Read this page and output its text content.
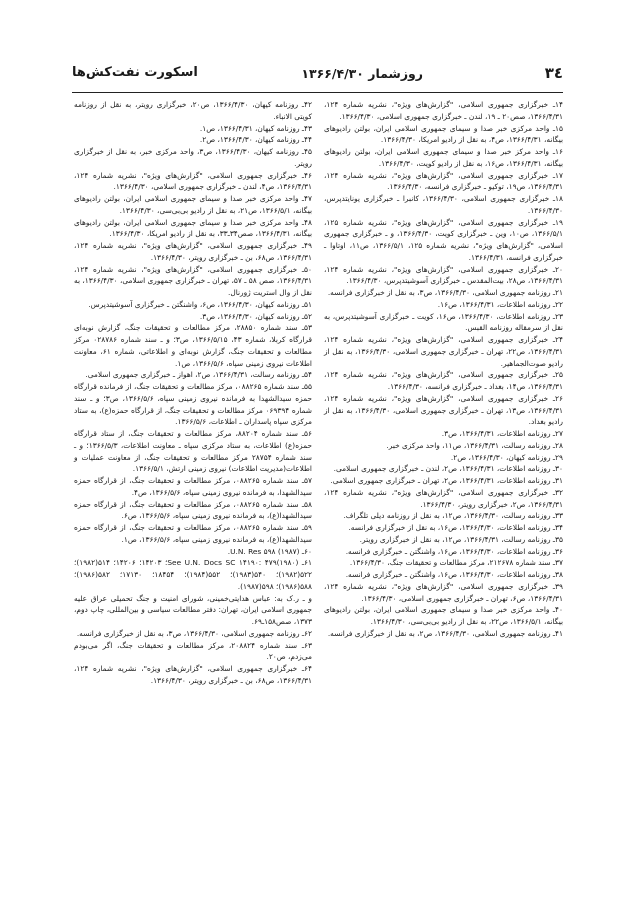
٣٤
روزشمار ۱۳۶۶/۴/۳۰
اسکورت نفت‌کش‌ها

۱۴ـ خبرگزاری جمهوری اسلامی، "گزارش‌های ویژه"، نشریه شماره ۱۲۴، ۱۳۶۶/۴/۳۱، صص۲۰ ـ ۱۹، لندن ـ خبرگزاری جمهوری اسلامی، ۱۳۶۶/۴/۳۰.

۱۵ـ واحد مرکزی خبر صدا و سیمای جمهوری اسلامی ایران، بولتن رادیوهای بیگانه، ۱۳۶۶/۴/۳۱، ص۴، به نقل از رادیو امریکا، ۱۳۶۶/۴/۳۰.

۱۶ـ واحد مرکز خبر صدا و سیمای جمهوری اسلامی ایران، بولتن رادیوهای بیگانه، ۱۳۶۶/۴/۳۱، ص۱۶، به نقل از رادیو کویت، ۱۳۶۶/۴/۳۰.

۱۷ـ خبرگزاری جمهوری اسلامی، "گزارش‌های ویژه"، نشریه شماره ۱۲۴، ۱۳۶۶/۴/۳۱، ص۱۹، توکیو ـ خبرگزاری فرانسه، ۱۳۶۶/۴/۳۰.

۱۸ـ خبرگزاری جمهوری اسلامی، ۱۳۶۶/۴/۳۰، کانبرا ـ خبرگزاری یونایتدپرس، ۱۳۶۶/۴/۳۰.

۱۹ـ خبرگزاری جمهوری اسلامی، "گزارش‌های ویژه"، نشریه شماره ۱۲۵، ۱۳۶۶/۵/۱، ص۱۰، وین ـ خبرگزاری کویت، ۱۳۶۶/۴/۳۰، و ـ خبرگزاری جمهوری اسلامی، "گزارش‌های ویژه"، نشریه شماره ۱۲۵، ۱۳۶۶/۵/۱، ص۱۱، اوتاوا ـ خبرگزاری فرانسه، ۱۳۶۶/۴/۳۱.

۲۰ـ خبرگزاری جمهوری اسلامی، "گزارش‌های ویژه"، نشریه شماره ۱۲۴، ۱۳۶۶/۴/۳۱، ص۲۸، بیت‌المقدس ـ خبرگزاری آسوشیتدپرس، ۱۳۶۶/۴/۳۰.

۲۱ـ روزنامه جمهوری اسلامی، ۱۳۶۶/۴/۳۰، ص۳، به نقل از خبرگزاری فرانسه.

۲۲ـ روزنامه اطلاعات، ۱۳۶۶/۴/۳۱، ص۱۶.

۲۳ـ روزنامه اطلاعات، ۱۳۶۶/۴/۳۰، ص۱۶، کویت ـ خبرگزاری آسوشیتدپرس، به نقل از سرمقاله روزنامه القبس.

۲۴ـ خبرگزاری جمهوری اسلامی، "گزارش‌های ویژه"، نشریه شماره ۱۲۴، ۱۳۶۶/۴/۳۱، ص۲۲، تهران ـ خبرگزاری جمهوری اسلامی، ۱۳۶۶/۴/۳۰، به نقل از رادیو صوت‌الجماهیر.

۲۵ـ خبرگزاری جمهوری اسلامی، "گزارش‌های ویژه"، نشریه شماره ۱۲۴، ۱۳۶۶/۴/۳۱، ص۱۴، بغداد ـ خبرگزاری فرانسه، ۱۳۶۶/۴/۳۰.

۲۶ـ خبرگزاری جمهوری اسلامی، "گزارش‌های ویژه"، نشریه شماره ۱۲۴، ۱۳۶۶/۴/۳۱، ص۱۳، تهران ـ خبرگزاری جمهوری اسلامی، ۱۳۶۶/۴/۳۰، به نقل از رادیو بغداد.

۲۷ـ روزنامه اطلاعات، ۱۳۶۶/۴/۳۱، ص۳.

۲۸ـ روزنامه رسالت، ۱۳۶۶/۴/۳۱، ص۱۱، واحد مرکزی خبر.

۲۹ـ روزنامه کیهان، ۱۳۶۶/۴/۳۰، ص۲.

۳۰ـ روزنامه اطلاعات، ۱۳۶۶/۴/۳۱، ص۲، لندن ـ خبرگزاری جمهوری اسلامی.

۳۱ـ روزنامه اطلاعات، ۱۳۶۶/۴/۳۱، ص۲، تهران ـ خبرگزاری جمهوری اسلامی.

۳۲ـ خبرگزاری جمهوری اسلامی، "گزارش‌های ویژه"، نشریه شماره ۱۲۴، ۱۳۶۶/۴/۳۱، ص۲، خبرگزاری رویتر، ۱۳۶۶/۴/۳۰.

۳۳ـ روزنامه رسالت، ۱۳۶۶/۴/۳۰، ص۱۲، به نقل از روزنامه دیلی تلگراف.

۳۴ـ روزنامه اطلاعات، ۱۳۶۶/۴/۳۰، ص۱۶، به نقل از خبرگزاری فرانسه.

۳۵ـ روزنامه رسالت، ۱۳۶۶/۴/۳۱، ص۱۲، به نقل از خبرگزاری رویتر.

۳۶ـ روزنامه اطلاعات، ۱۳۶۶/۴/۳۰، ص۱۶، واشنگتن ـ خبرگزاری فرانسه.

۳۷ـ سند شماره ۲۱۲۶۷۸، مرکز مطالعات و تحقیقات جنگ، ۱۳۶۶/۴/۳۰.

۳۸ـ روزنامه اطلاعات، ۱۳۶۶/۴/۳۰، ص۱۶، واشنگتن ـ خبرگزاری فرانسه.

۳۹ـ خبرگزاری جمهوری اسلامی، "گزارش‌های ویژه"، نشریه شماره ۱۲۴، ۱۳۶۶/۴/۳۱، ص۶، تهران ـ خبرگزاری جمهوری اسلامی، ۱۳۶۶/۴/۳۰.

۴۰ـ واحد مرکزی خبر صدا و سیمای جمهوری اسلامی ایران، بولتن رادیوهای بیگانه، ۱۳۶۶/۵/۱، ص۲۲، به نقل از رادیو بی‌بی‌سی، ۱۳۶۶/۴/۳۰.

۴۱ـ روزنامه جمهوری اسلامی، ۱۳۶۶/۴/۳۰، ص۲، به نقل از خبرگزاری فرانسه.

۴۲ـ روزنامه کیهان، ۱۳۶۶/۴/۳۰، ص۲۰، خبرگزاری رویتر، به نقل از روزنامه کویتی الانباء.

۴۳ـ روزنامه کیهان، ۱۳۶۶/۴/۳۱، ص۱.

۴۴ـ روزنامه کیهان، ۱۳۶۶/۴/۳۰، ص۲.

۴۵ـ روزنامه کیهان، ۱۳۶۶/۴/۳۰، ص۳، واحد مرکزی خبر، به نقل از خبرگزاری رویتر.

۴۶ـ خبرگزاری جمهوری اسلامی، "گزارش‌های ویژه"، نشریه شماره ۱۲۴، ۱۳۶۶/۴/۳۱، ص۴، لندن ـ خبرگزاری جمهوری اسلامی، ۱۳۶۶/۴/۳۰.

۴۷ـ واحد مرکزی خبر صدا و سیمای جمهوری اسلامی ایران، بولتن رادیوهای بیگانه، ۱۳۶۶/۵/۱، ص۲۱، به نقل از رادیو بی‌بی‌سی، ۱۳۶۶/۴/۳۰.

۴۸ـ واحد مرکزی خبر صدا و سیمای جمهوری اسلامی ایران، بولتن رادیوهای بیگانه، ۱۳۶۶/۴/۳۱، صص۳۴ـ۳۳، به نقل از رادیو امریکا، ۱۳۶۶/۴/۳۰.

۴۹ـ خبرگزاری جمهوری اسلامی، "گزارش‌های ویژه"، نشریه شماره ۱۲۴، ۱۳۶۶/۴/۳۱، ص۶۸، بن ـ خبرگزاری رویتر، ۱۳۶۶/۴/۳۰.

۵۰ـ خبرگزاری جمهوری اسلامی، "گزارش‌های ویژه"، نشریه شماره ۱۲۴، ۱۳۶۶/۴/۳۱، صص ۵۸ ـ ۵۷، تهران ـ خبرگزاری جمهوری اسلامی، ۱۳۶۶/۴/۳۰، به نقل از وال استریت ژورنال.

۵۱ـ روزنامه کیهان، ۱۳۶۶/۴/۳۰، ص۶، واشنگتن ـ خبرگزاری آسوشیتدپرس.

۵۲ـ روزنامه کیهان، ۱۳۶۶/۴/۳۰، ص۳.

۵۳ـ سند شماره ۲۸۸۵۰، مرکز مطالعات و تحقیقات جنگ، گزارش نوبه‌ای قرارگاه کربلا، شماره ۴۳، ۱۳۶۶/۵/۱۵، ص۳؛ و ـ سند شماره ۰۲۸۷۸۶ مرکز مطالعات و تحقیقات جنگ، گزارش نوبه‌ای و اطلاعاتی، شماره ۶۱، معاونت اطلاعات نیروی زمینی سپاه، ۱۳۶۶/۵/۶، ص۱.

۵۴ـ روزنامه رسالت، ۱۳۶۶/۴/۳۱، ص۲، اهواز ـ خبرگزاری جمهوری اسلامی.

۵۵ـ سند شماره ۰۸۸۲۶۵، مرکز مطالعات و تحقیقات جنگ، از فرمانده قرارگاه حمزه سیدالشهدا به فرمانده نیروی زمینی سپاه، ۱۳۶۶/۵/۶، ص۳؛ و ـ سند شماره ۰۶۹۳۹۴ مرکز مطالعات و تحقیقات جنگ، از قرارگاه حمزه(ع)، به ستاد مرکزی سپاه پاسداران ـ اطلاعات، ۱۳۶۶/۵/۶.

۵۶ـ سند شماره ۸۸۲۰۴، مرکز مطالعات و تحقیقات جنگ، از ستاد قرارگاه حمزه(ع) اطلاعات، به ستاد مرکزی سپاه ـ معاونت اطلاعات، ۱۳۶۶/۵/۳؛ و ـ سند شماره ۲۸۷۵۴ مرکز مطالعات و تحقیقات جنگ، از معاونت عملیات و اطلاعات(مدیریت اطلاعات) نیروی زمینی ارتش، ۱۳۶۶/۵/۱.

۵۷ـ سند شماره ۰۸۸۲۶۵، مرکز مطالعات و تحقیقات جنگ، از قرارگاه حمزه سیدالشهدا، به فرمانده نیروی زمینی سپاه، ۱۳۶۶/۵/۶، ص۴.

۵۸ـ سند شماره ۰۸۸۲۶۵، مرکز مطالعات و تحقیقات جنگ، از قرارگاه حمزه سیدالشهدا(ع)، به فرمانده نیروی زمینی سپاه، ۱۳۶۶/۵/۶، ص۶.

۵۹ـ سند شماره ۰۸۸۲۶۵، مرکز مطالعات و تحقیقات جنگ، از قرارگاه حمزه سیدالشهدا(ع)، به فرمانده نیروی زمینی سپاه، ۱۳۶۶/۵/۶، ص۱.

۶۰ـ U.N. Res ۵۹۸ (۱۹۸۷).

۶۱ـ See U.N. Docs SC ۱۴۱۹۰: ۴۷۹(۱۹۸۰)؛ ۱۴۲۰۳؛ ۱۴۲۰۶؛ ۵۱۴(۱۹۸۲)؛ ۵۲۲(۱۹۸۲)؛ ۵۴۰(۱۹۸۳)؛ ۵۵۲(۱۹۸۴)؛ ۱۸۴۵۴؛ ۱۷۱۳۰؛ ۵۸۲(۱۹۸۶)؛ ۵۸۸(۱۹۸۶)؛ ۵۹۸(۱۹۸۷).

و ـ ر.ک به: عباس هدایتی‌خمینی، شورای امنیت و جنگ تحمیلی عراق علیه جمهوری اسلامی ایران، تهران: دفتر مطالعات سیاسی و بین‌المللی، چاپ دوم، ۱۳۷۳، صص۱۵۸ـ۶۹.

۶۲ـ روزنامه جمهوری اسلامی، ۱۳۶۶/۴/۳۰، ص۳، به نقل از خبرگزاری فرانسه.

۶۳ـ سند شماره ۲۰۸۸۲۴، مرکز مطالعات و تحقیقات جنگ، اگر می‌بودم می‌زدم، ص۲۰.

۶۴ـ خبرگزاری جمهوری اسلامی، "گزارش‌های ویژه"، نشریه شماره ۱۲۴، ۱۳۶۶/۴/۳۱، ص۶۸، بن ـ خبرگزاری رویتر، ۱۳۶۶/۴/۳۰.
